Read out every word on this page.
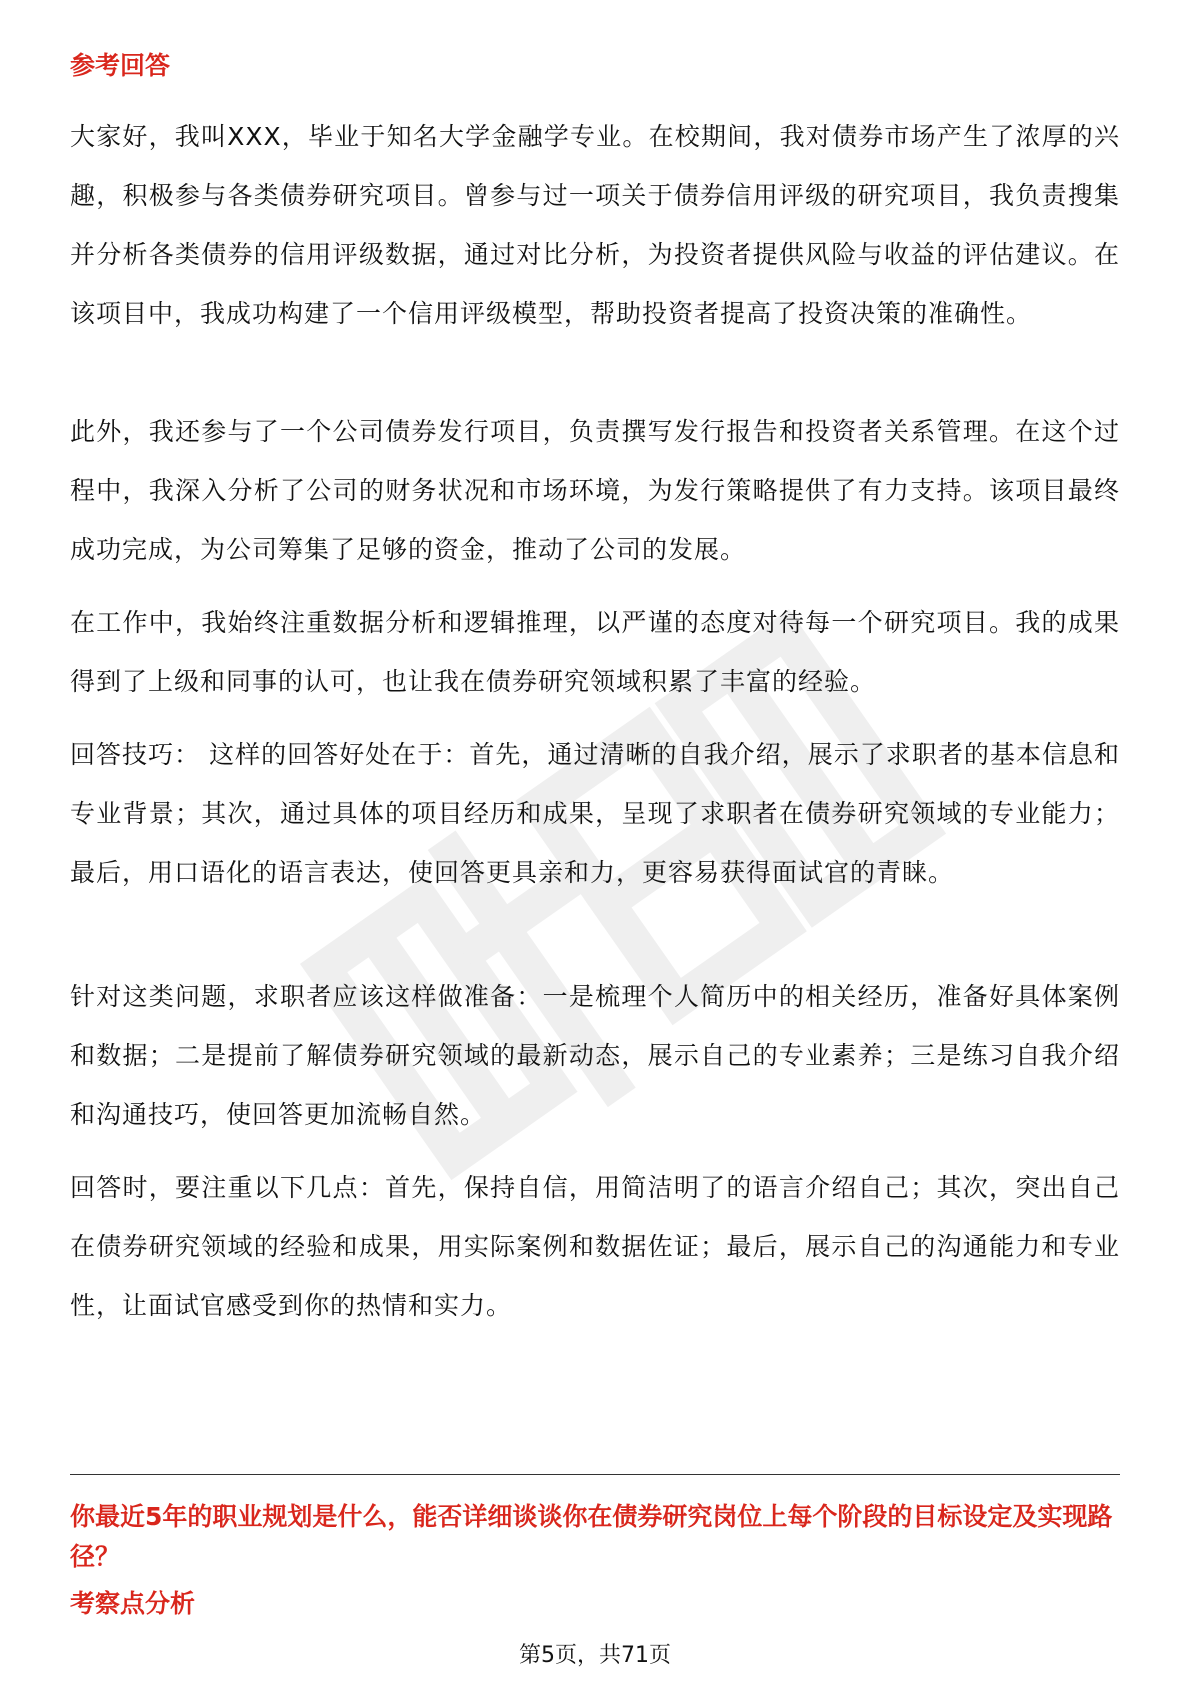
参考回答

大家好，我叫XXX，毕业于知名大学金融学专业。在校期间，我对债券市场产生了浓厚的兴趣，积极参与各类债券研究项目。曾参与过一项关于债券信用评级的研究项目，我负责搜集并分析各类债券的信用评级数据，通过对比分析，为投资者提供风险与收益的评估建议。在该项目中，我成功构建了一个信用评级模型，帮助投资者提高了投资决策的准确性。

此外，我还参与了一个公司债券发行项目，负责撰写发行报告和投资者关系管理。在这个过程中，我深入分析了公司的财务状况和市场环境，为发行策略提供了有力支持。该项目最终成功完成，为公司筹集了足够的资金，推动了公司的发展。

在工作中，我始终注重数据分析和逻辑推理，以严谨的态度对待每一个研究项目。我的成果得到了上级和同事的认可，也让我在债券研究领域积累了丰富的经验。

回答技巧： 这样的回答好处在于：首先，通过清晰的自我介绍，展示了求职者的基本信息和专业背景；其次，通过具体的项目经历和成果，呈现了求职者在债券研究领域的专业能力；最后，用口语化的语言表达，使回答更具亲和力，更容易获得面试官的青睐。

针对这类问题，求职者应该这样做准备：一是梳理个人简历中的相关经历，准备好具体案例和数据；二是提前了解债券研究领域的最新动态，展示自己的专业素养；三是练习自我介绍和沟通技巧，使回答更加流畅自然。

回答时，要注重以下几点：首先，保持自信，用简洁明了的语言介绍自己；其次，突出自己在债券研究领域的经验和成果，用实际案例和数据佐证；最后，展示自己的沟通能力和专业性，让面试官感受到你的热情和实力。

你最近5年的职业规划是什么，能否详细谈谈你在债券研究岗位上每个阶段的目标设定及实现路径？
考察点分析
第5页，共71页
